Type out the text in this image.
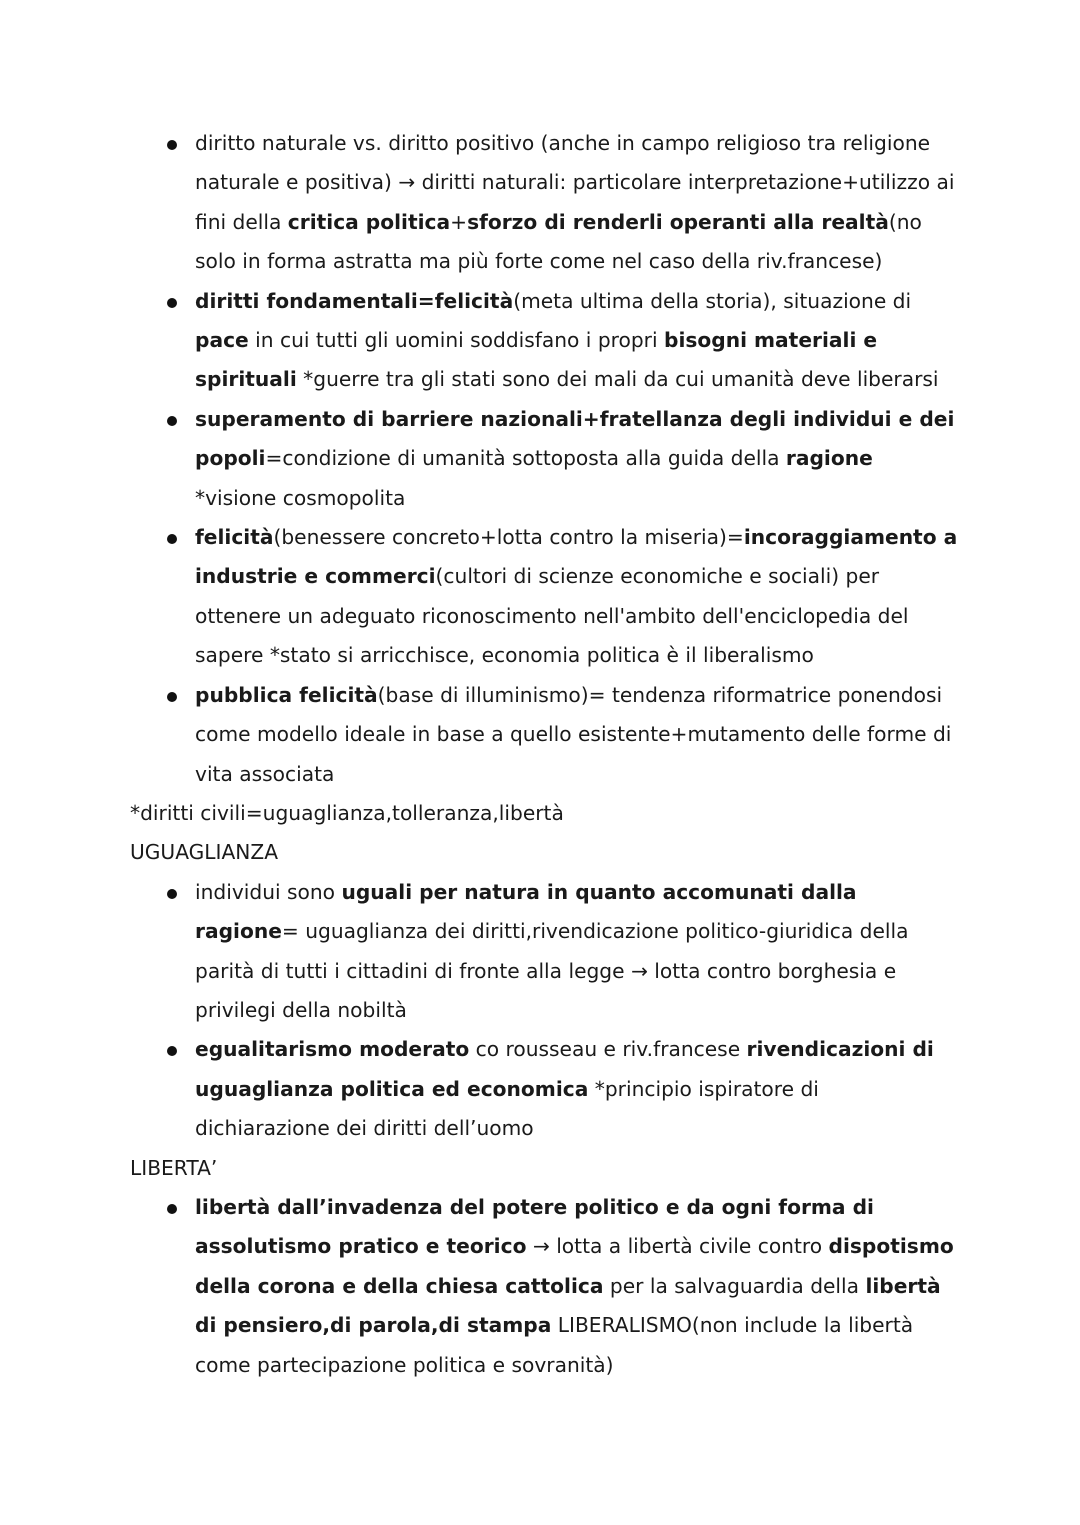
diritto naturale vs. diritto positivo (anche in campo religioso tra religione naturale e positiva) → diritti naturali: particolare interpretazione+utilizzo ai fini della critica politica+sforzo di renderli operanti alla realtà(no solo in forma astratta ma più forte come nel caso della riv.francese)

diritti fondamentali=felicità(meta ultima della storia), situazione di pace in cui tutti gli uomini soddisfano i propri bisogni materiali e spirituali *guerre tra gli stati sono dei mali da cui umanità deve liberarsi

superamento di barriere nazionali+fratellanza degli individui e dei popoli=condizione di umanità sottoposta alla guida della ragione *visione cosmopolita

felicità(benessere concreto+lotta contro la miseria)=incoraggiamento a industrie e commerci(cultori di scienze economiche e sociali) per ottenere un adeguato riconoscimento nell'ambito dell'enciclopedia del sapere *stato si arricchisce, economia politica è il liberalismo

pubblica felicità(base di illuminismo)= tendenza riformatrice ponendosi come modello ideale in base a quello esistente+mutamento delle forme di vita associata

*diritti civili=uguaglianza,tolleranza,libertà

UGUAGLIANZA

individui sono uguali per natura in quanto accomunati dalla ragione= uguaglianza dei diritti,rivendicazione politico-giuridica della parità di tutti i cittadini di fronte alla legge → lotta contro borghesia e privilegi della nobiltà

egualitarismo moderato co rousseau e riv.francese rivendicazioni di uguaglianza politica ed economica *principio ispiratore di dichiarazione dei diritti dell’uomo

LIBERTA’

libertà dall’invadenza del potere politico e da ogni forma di assolutismo pratico e teorico → lotta a libertà civile contro dispotismo della corona e della chiesa cattolica per la salvaguardia della libertà di pensiero,di parola,di stampa LIBERALISMO(non include la libertà come partecipazione politica e sovranità)
